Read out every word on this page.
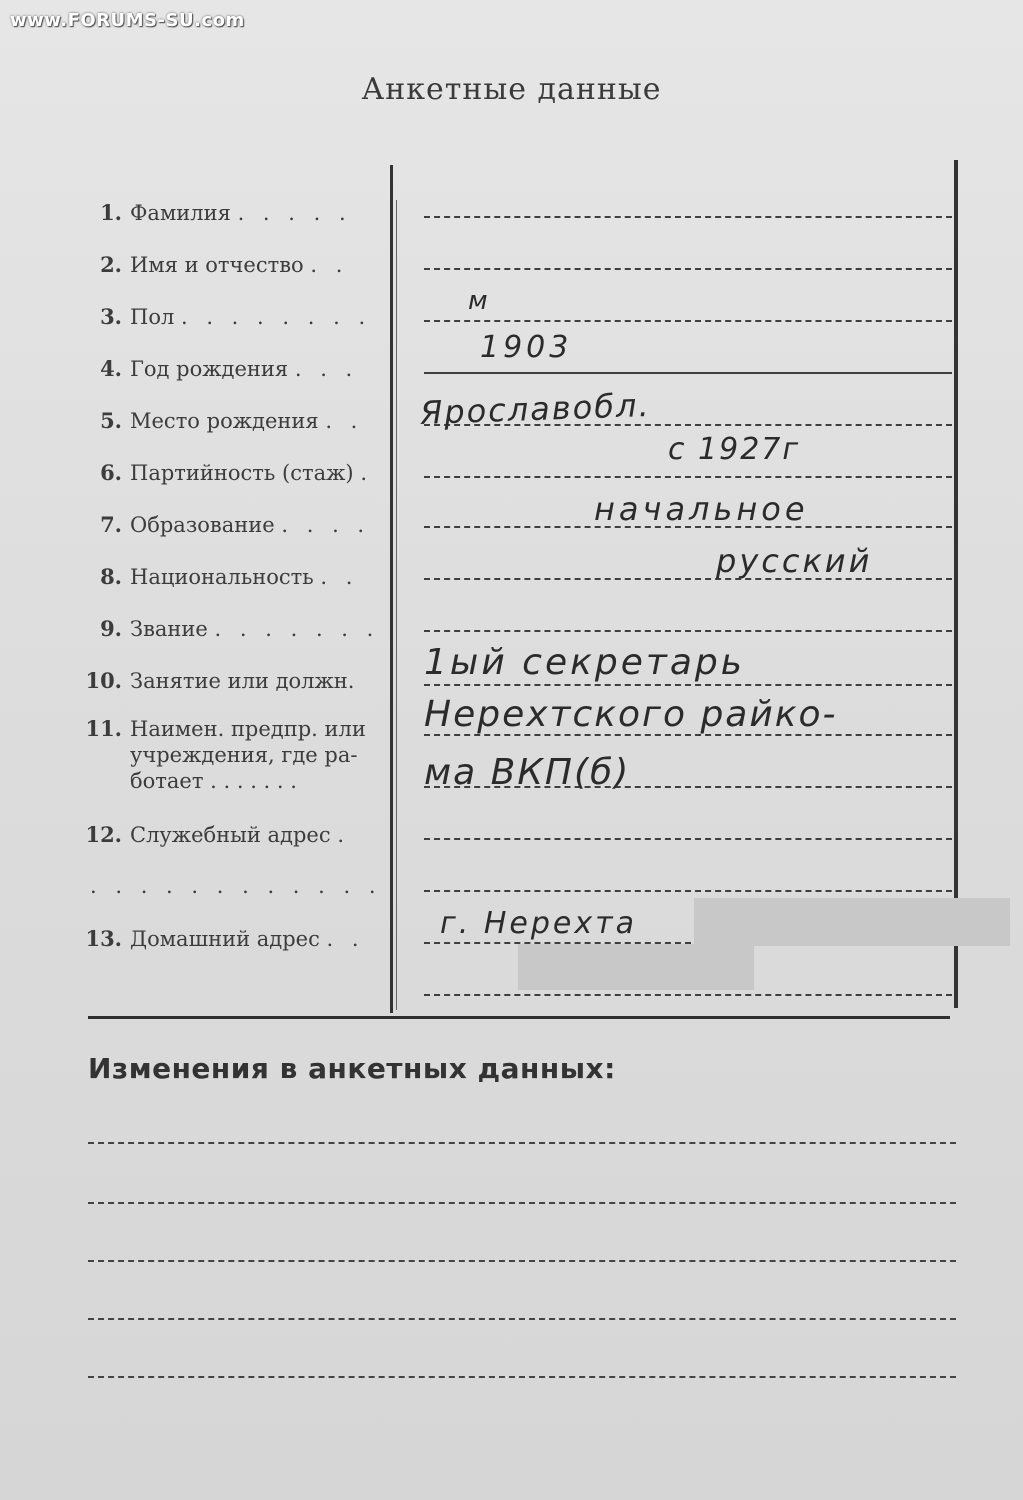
www.FORUMS-SU.com
Анкетные данные
1. Фамилия . . . . .
2. Имя и отчество . .
3. Пол . . . . . . . .
4. Год рождения . . .
5. Место рождения . .
6. Партийность (стаж) .
7. Образование . . . .
8. Национальность . .
9. Звание . . . . . . .
10. Занятие или должн.
11. Наимен. предпр. или
учреждения, где ра-
ботает . . . . . . .
12. Служебный адрес .
. . . . . . . . . . . .
13. Домашний адрес . .
м
1903
Ярославобл.
с 1927г
начальное
русский
1ый секретарь
Нерехтского райко-
ма ВКП(б)
г. Нерехта
Изменения в анкетных данных:
